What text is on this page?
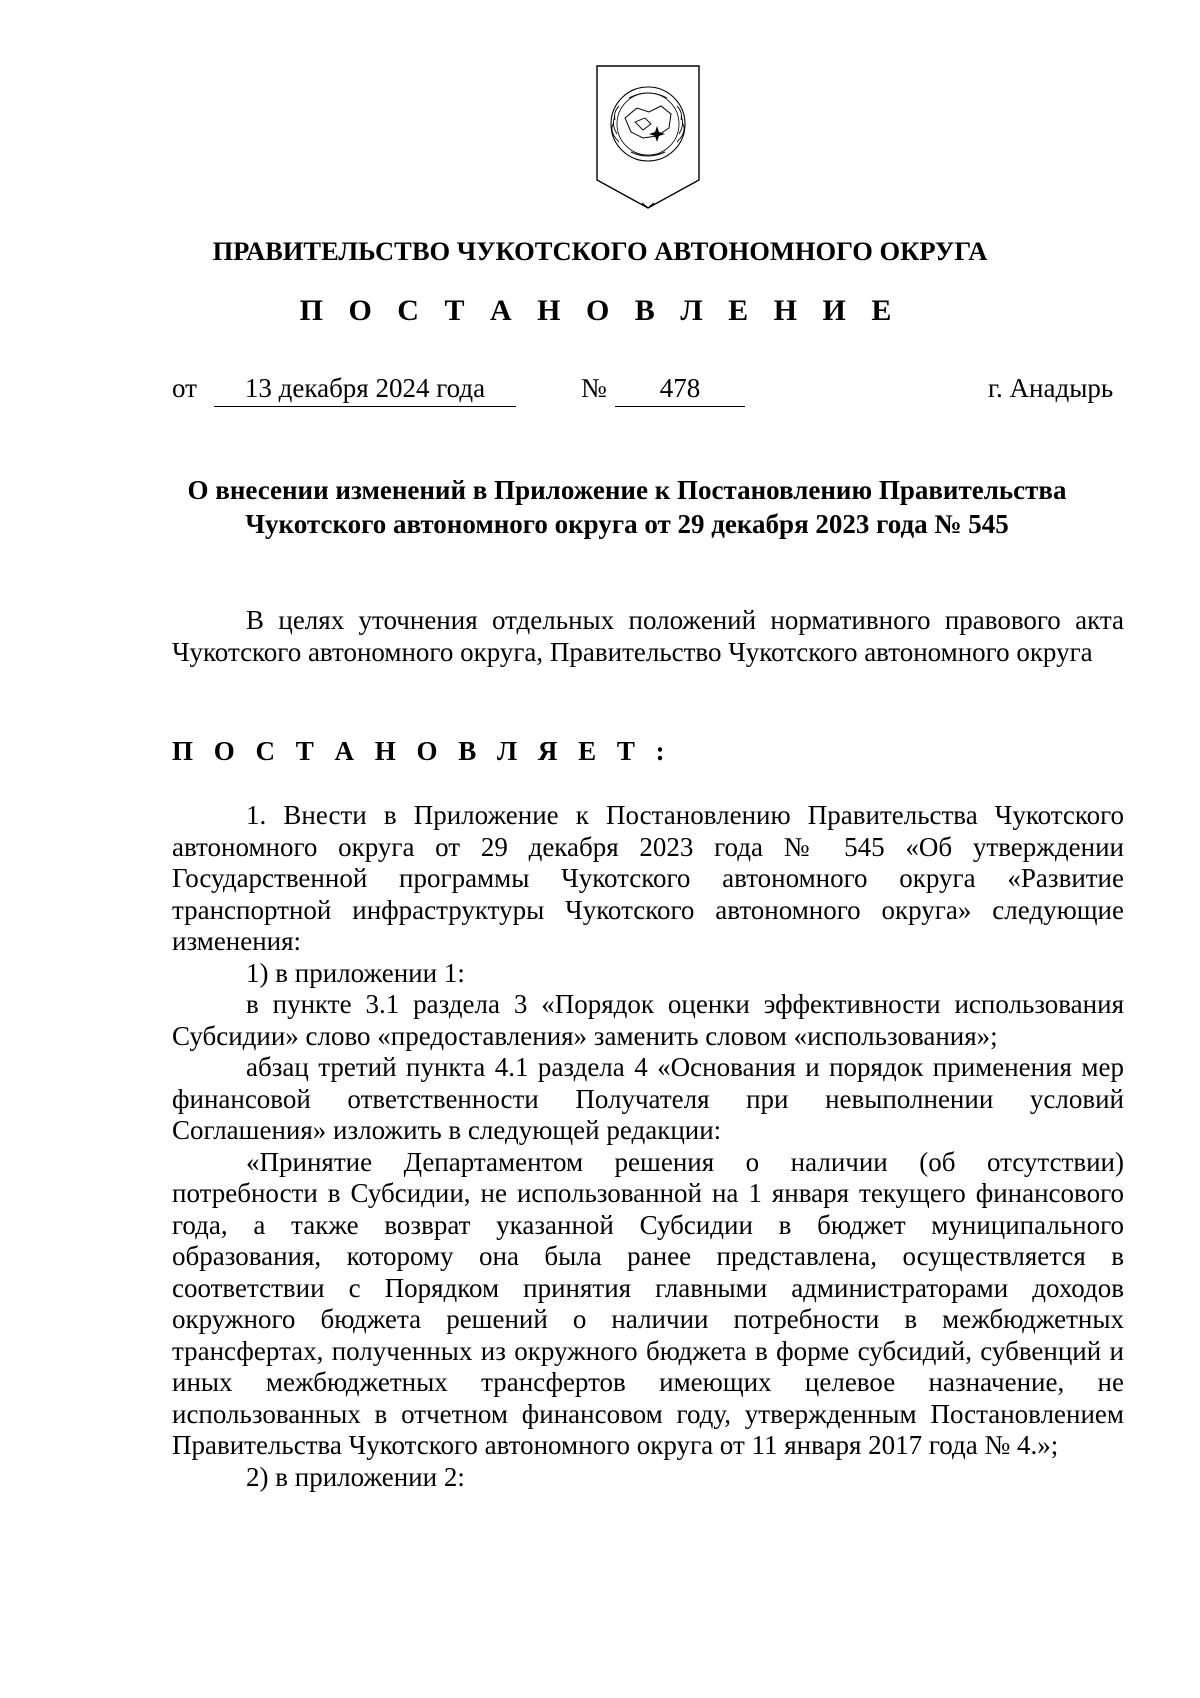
ПРАВИТЕЛЬСТВО ЧУКОТСКОГО АВТОНОМНОГО ОКРУГА
П О С Т А Н О В Л Е Н И Е
от	13 декабря 2024 года	№	478	г. Анадырь
О внесении изменений в Приложение к Постановлению Правительства
Чукотского автономного округа от 29 декабря 2023 года № 545

В целях уточнения отдельных положений нормативного правового акта Чукотского автономного округа, Правительство Чукотского автономного округа

П О С Т А Н О В Л Я Е Т :

1. Внести в Приложение к Постановлению Правительства Чукотского автономного округа от 29 декабря 2023 года № 545 «Об утверждении Государственной программы Чукотского автономного округа «Развитие транспортной инфраструктуры Чукотского автономного округа» следующие изменения:

1) в приложении 1:

в пункте 3.1 раздела 3 «Порядок оценки эффективности использования Субсидии» слово «предоставления» заменить словом «использования»;

абзац третий пункта 4.1 раздела 4 «Основания и порядок применения мер финансовой ответственности Получателя при невыполнении условий Соглашения» изложить в следующей редакции:

«Принятие Департаментом решения о наличии (об отсутствии) потребности в Субсидии, не использованной на 1 января текущего финансового года, а также возврат указанной Субсидии в бюджет муниципального образования, которому она была ранее представлена, осуществляется в соответствии с Порядком принятия главными администраторами доходов окружного бюджета решений о наличии потребности в межбюджетных трансфертах, полученных из окружного бюджета в форме субсидий, субвенций и иных межбюджетных трансфертов имеющих целевое назначение, не использованных в отчетном финансовом году, утвержденным Постановлением Правительства Чукотского автономного округа от 11 января 2017 года № 4.»;

2) в приложении 2:
